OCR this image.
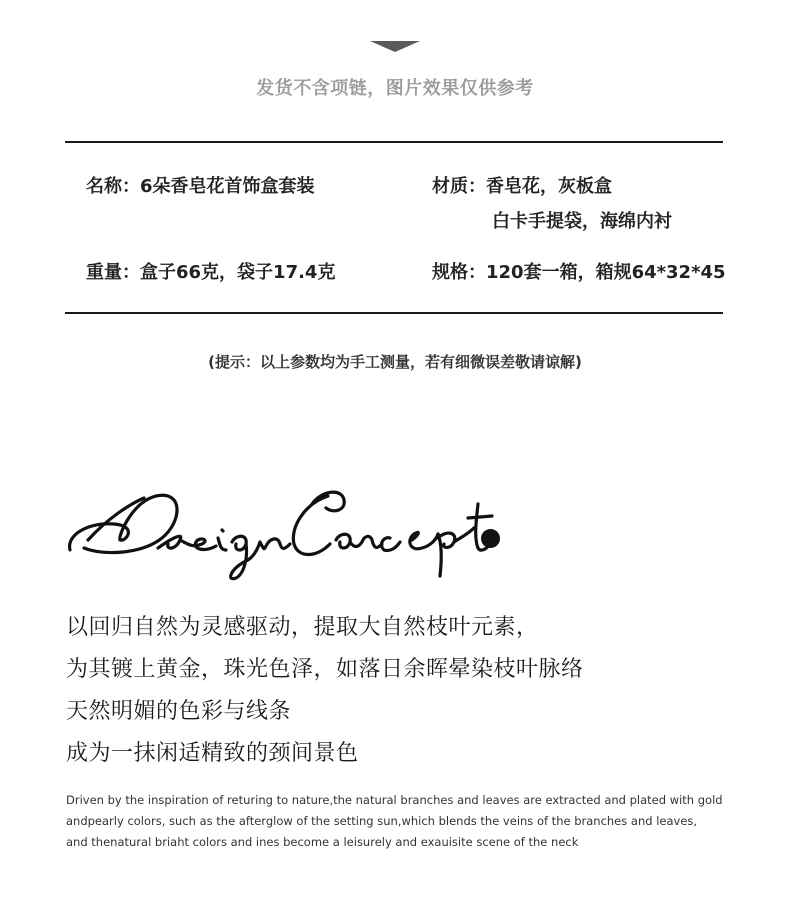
发货不含项链，图片效果仅供参考
名称：6朵香皂花首饰盒套装	材质：香皂花，灰板盒
白卡手提袋，海绵内衬
重量：盒子66克，袋子17.4克	规格：120套一箱，箱规64*32*45
(提示：以上参数均为手工测量，若有细微误差敬请谅解)
以回归自然为灵感驱动，提取大自然枝叶元素，
为其镀上黄金，珠光色泽，如落日余晖晕染枝叶脉络
天然明媚的色彩与线条
成为一抹闲适精致的颈间景色
Driven by the inspiration of returing to nature,the natural branches and leaves are extracted and plated with gold
andpearly colors, such as the afterglow of the setting sun,which blends the veins of the branches and leaves,
and thenatural briaht colors and ines become a leisurely and exauisite scene of the neck
